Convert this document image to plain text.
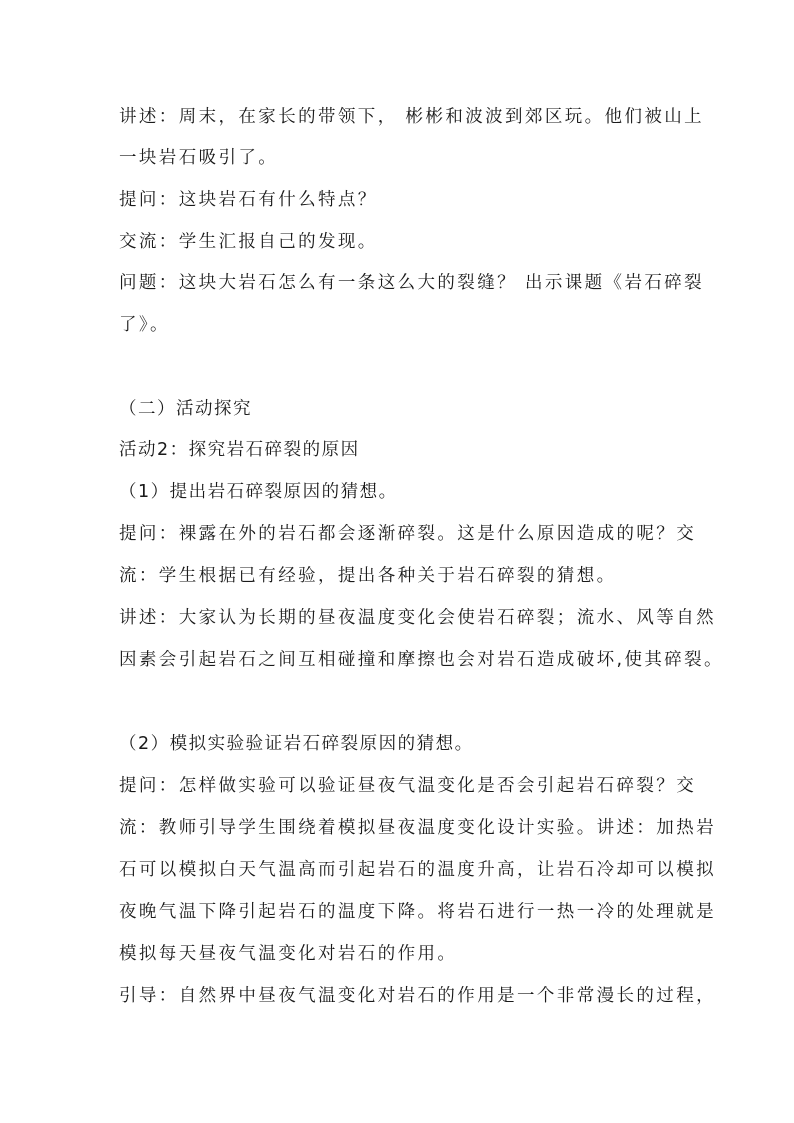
讲述：周末，在家长的带领下， 彬彬和波波到郊区玩。他们被山上
一块岩石吸引了。
提问：这块岩石有什么特点？
交流：学生汇报自己的发现。
问题：这块大岩石怎么有一条这么大的裂缝？ 出示课题《岩石碎裂
了》。
（二）活动探究
活动2：探究岩石碎裂的原因
（1）提出岩石碎裂原因的猜想。
提问：裸露在外的岩石都会逐渐碎裂。这是什么原因造成的呢？交
流：学生根据已有经验，提出各种关于岩石碎裂的猜想。
讲述：大家认为长期的昼夜温度变化会使岩石碎裂；流水、风等自然
因素会引起岩石之间互相碰撞和摩擦也会对岩石造成破坏,使其碎裂。
（2）模拟实验验证岩石碎裂原因的猜想。
提问：怎样做实验可以验证昼夜气温变化是否会引起岩石碎裂？交
流：教师引导学生围绕着模拟昼夜温度变化设计实验。讲述：加热岩
石可以模拟白天气温高而引起岩石的温度升高，让岩石冷却可以模拟
夜晚气温下降引起岩石的温度下降。将岩石进行一热一冷的处理就是
模拟每天昼夜气温变化对岩石的作用。
引导：自然界中昼夜气温变化对岩石的作用是一个非常漫长的过程，
